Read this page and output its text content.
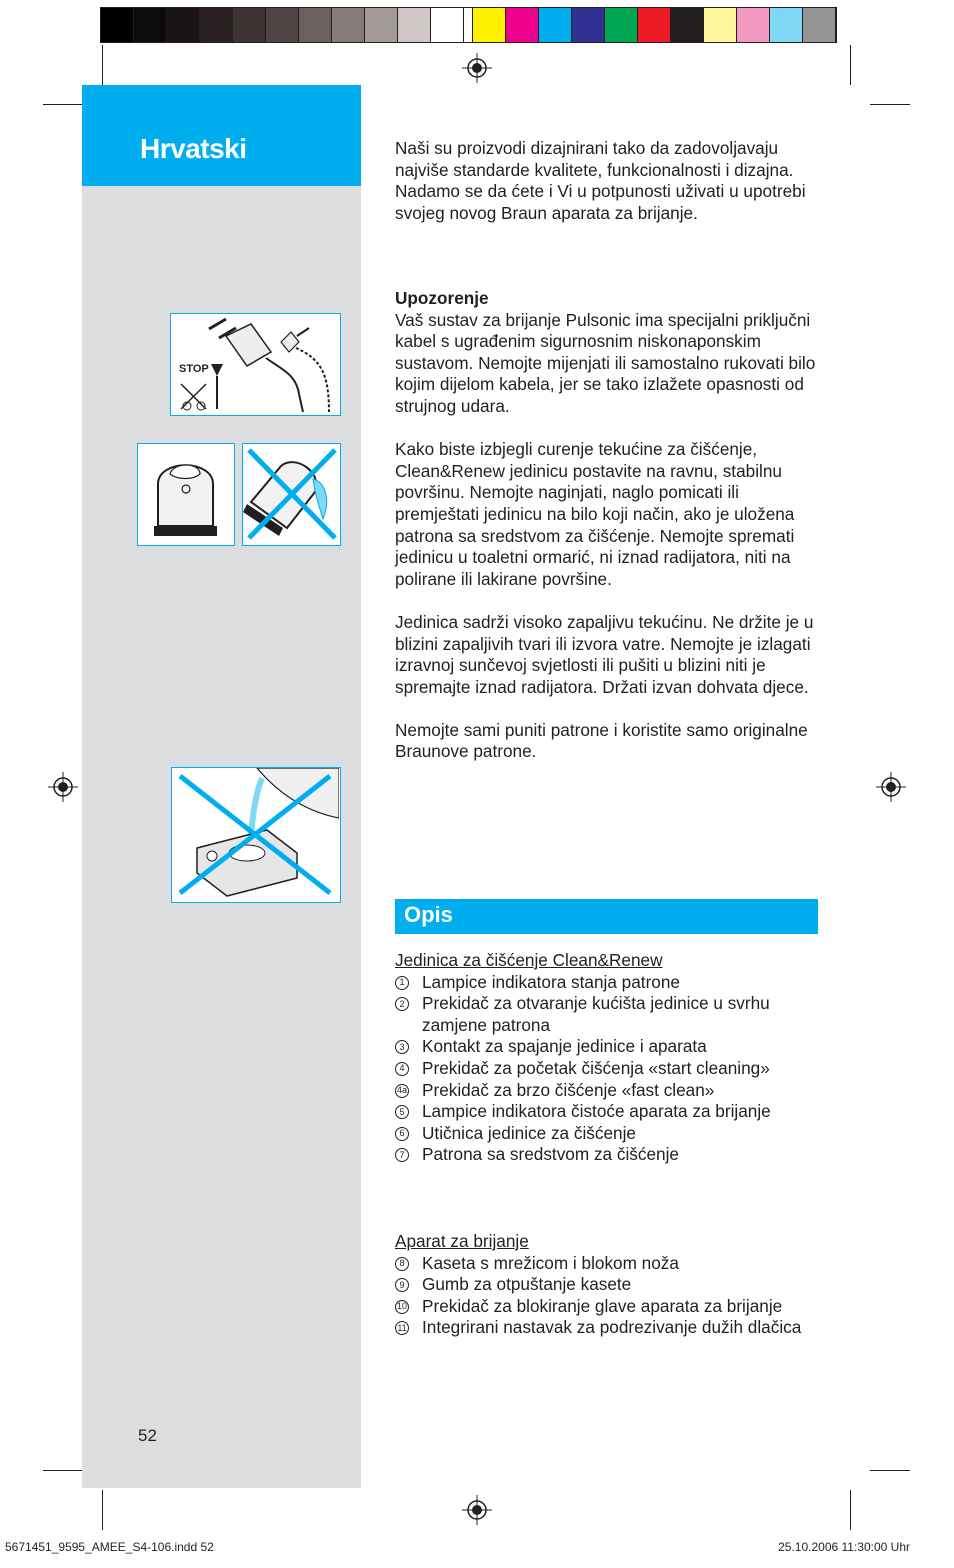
Hrvatski
STOP

Naši su proizvodi dizajnirani tako da zadovoljavaju najviše standarde kvalitete, funkcionalnosti i dizajna. Nadamo se da ćete i Vi u potpunosti uživati u upotrebi svojeg novog Braun aparata za brijanje.

Upozorenje

Vaš sustav za brijanje Pulsonic ima specijalni priključni kabel s ugrađenim sigurnosnim niskonaponskim sustavom. Nemojte mijenjati ili samostalno rukovati bilo kojim dijelom kabela, jer se tako izlažete opasnosti od strujnog udara.

Kako biste izbjegli curenje tekućine za čišćenje, Clean&Renew jedinicu postavite na ravnu, stabilnu površinu. Nemojte naginjati, naglo pomicati ili premještati jedinicu na bilo koji način, ako je uložena patrona sa sredstvom za čišćenje. Nemojte spremati jedinicu u toaletni ormarić, ni iznad radijatora, niti na polirane ili lakirane površine.

Jedinica sadrži visoko zapaljivu tekućinu. Ne držite je u blizini zapaljivih tvari ili izvora vatre. Nemojte je izlagati izravnoj sunčevoj svjetlosti ili pušiti u blizini niti je spremajte iznad radijatora. Držati izvan dohvata djece.

Nemojte sami puniti patrone i koristite samo originalne Braunove patrone.

Opis

Jedinica za čišćenje Clean&Renew

1 Lampice indikatora stanja patrone
2 Prekidač za otvaranje kućišta jedinice u svrhu zamjene patrona
3 Kontakt za spajanje jedinice i aparata
4 Prekidač za početak čišćenja «start cleaning»
4a Prekidač za brzo čišćenje «fast clean»
5 Lampice indikatora čistoće aparata za brijanje
6 Utičnica jedinice za čišćenje
7 Patrona sa sredstvom za čišćenje

Aparat za brijanje

8 Kaseta s mrežicom i blokom noža
9 Gumb za otpuštanje kasete
10 Prekidač za blokiranje glave aparata za brijanje
11 Integrirani nastavak za podrezivanje dužih dlačica
52
5671451_9595_AMEE_S4-106.indd 52	25.10.2006 11:30:00 Uhr
